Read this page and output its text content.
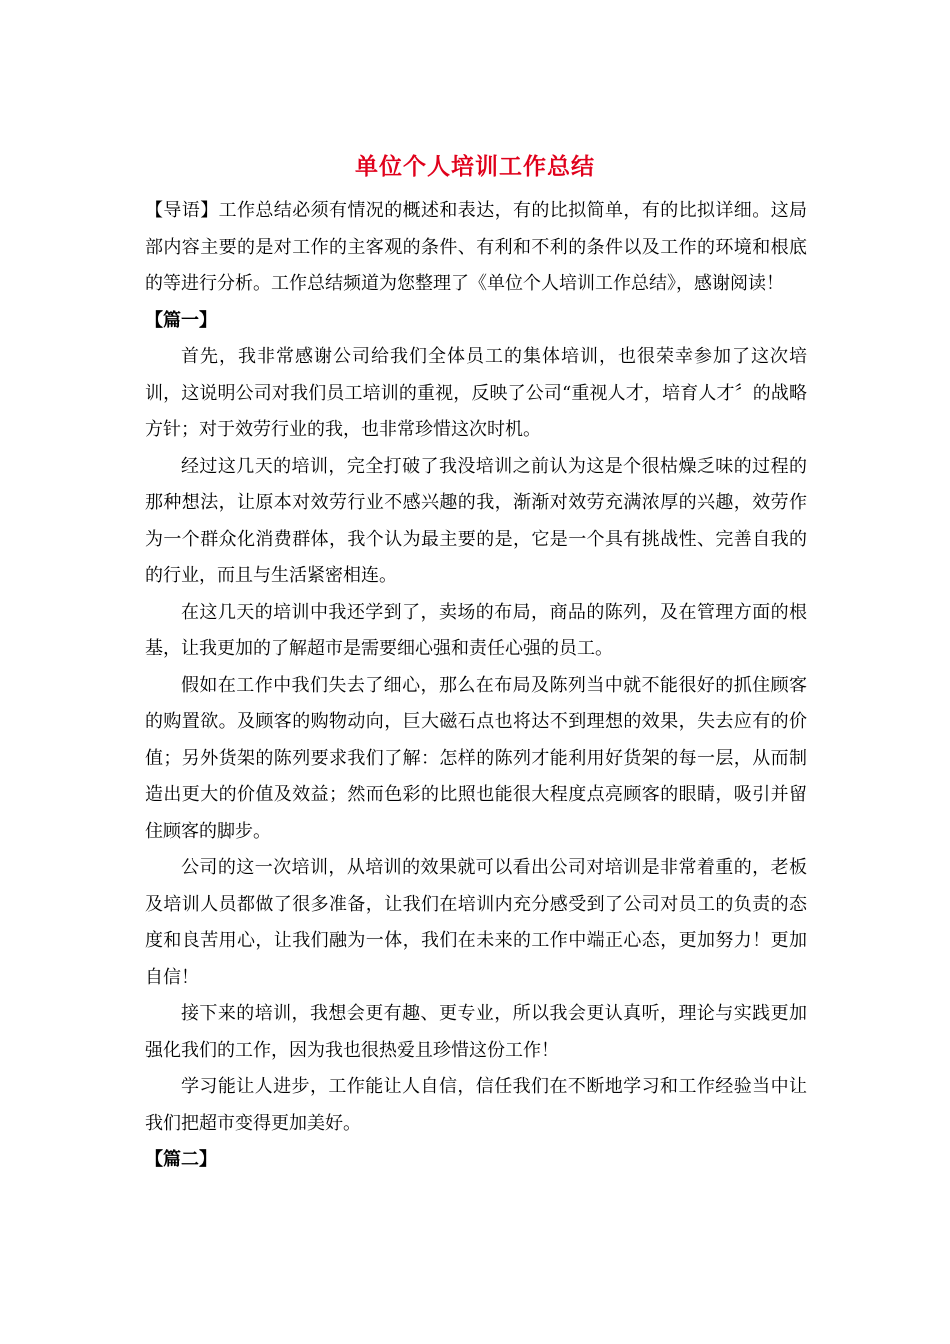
单位个人培训工作总结

【导语】工作总结必须有情况的概述和表达，有的比拟简单，有的比拟详细。这局部内容主要的是对工作的主客观的条件、有利和不利的条件以及工作的环境和根底的等进行分析。工作总结频道为您整理了《单位个人培训工作总结》，感谢阅读！

【篇一】

首先，我非常感谢公司给我们全体员工的集体培训，也很荣幸参加了这次培训，这说明公司对我们员工培训的重视，反映了公司“重视人才，培育人才〞的战略方针；对于效劳行业的我，也非常珍惜这次时机。

经过这几天的培训，完全打破了我没培训之前认为这是个很枯燥乏味的过程的那种想法，让原本对效劳行业不感兴趣的我，渐渐对效劳充满浓厚的兴趣，效劳作为一个群众化消费群体，我个认为最主要的是，它是一个具有挑战性、完善自我的的行业，而且与生活紧密相连。

在这几天的培训中我还学到了，卖场的布局，商品的陈列，及在管理方面的根基，让我更加的了解超市是需要细心强和责任心强的员工。

假如在工作中我们失去了细心，那么在布局及陈列当中就不能很好的抓住顾客的购置欲。及顾客的购物动向，巨大磁石点也将达不到理想的效果，失去应有的价值；另外货架的陈列要求我们了解：怎样的陈列才能利用好货架的每一层，从而制造出更大的价值及效益；然而色彩的比照也能很大程度点亮顾客的眼睛，吸引并留住顾客的脚步。

公司的这一次培训，从培训的效果就可以看出公司对培训是非常着重的，老板及培训人员都做了很多准备，让我们在培训内充分感受到了公司对员工的负责的态度和良苦用心，让我们融为一体，我们在未来的工作中端正心态，更加努力！更加自信！

接下来的培训，我想会更有趣、更专业，所以我会更认真听，理论与实践更加强化我们的工作，因为我也很热爱且珍惜这份工作！

学习能让人进步，工作能让人自信，信任我们在不断地学习和工作经验当中让我们把超市变得更加美好。

【篇二】
